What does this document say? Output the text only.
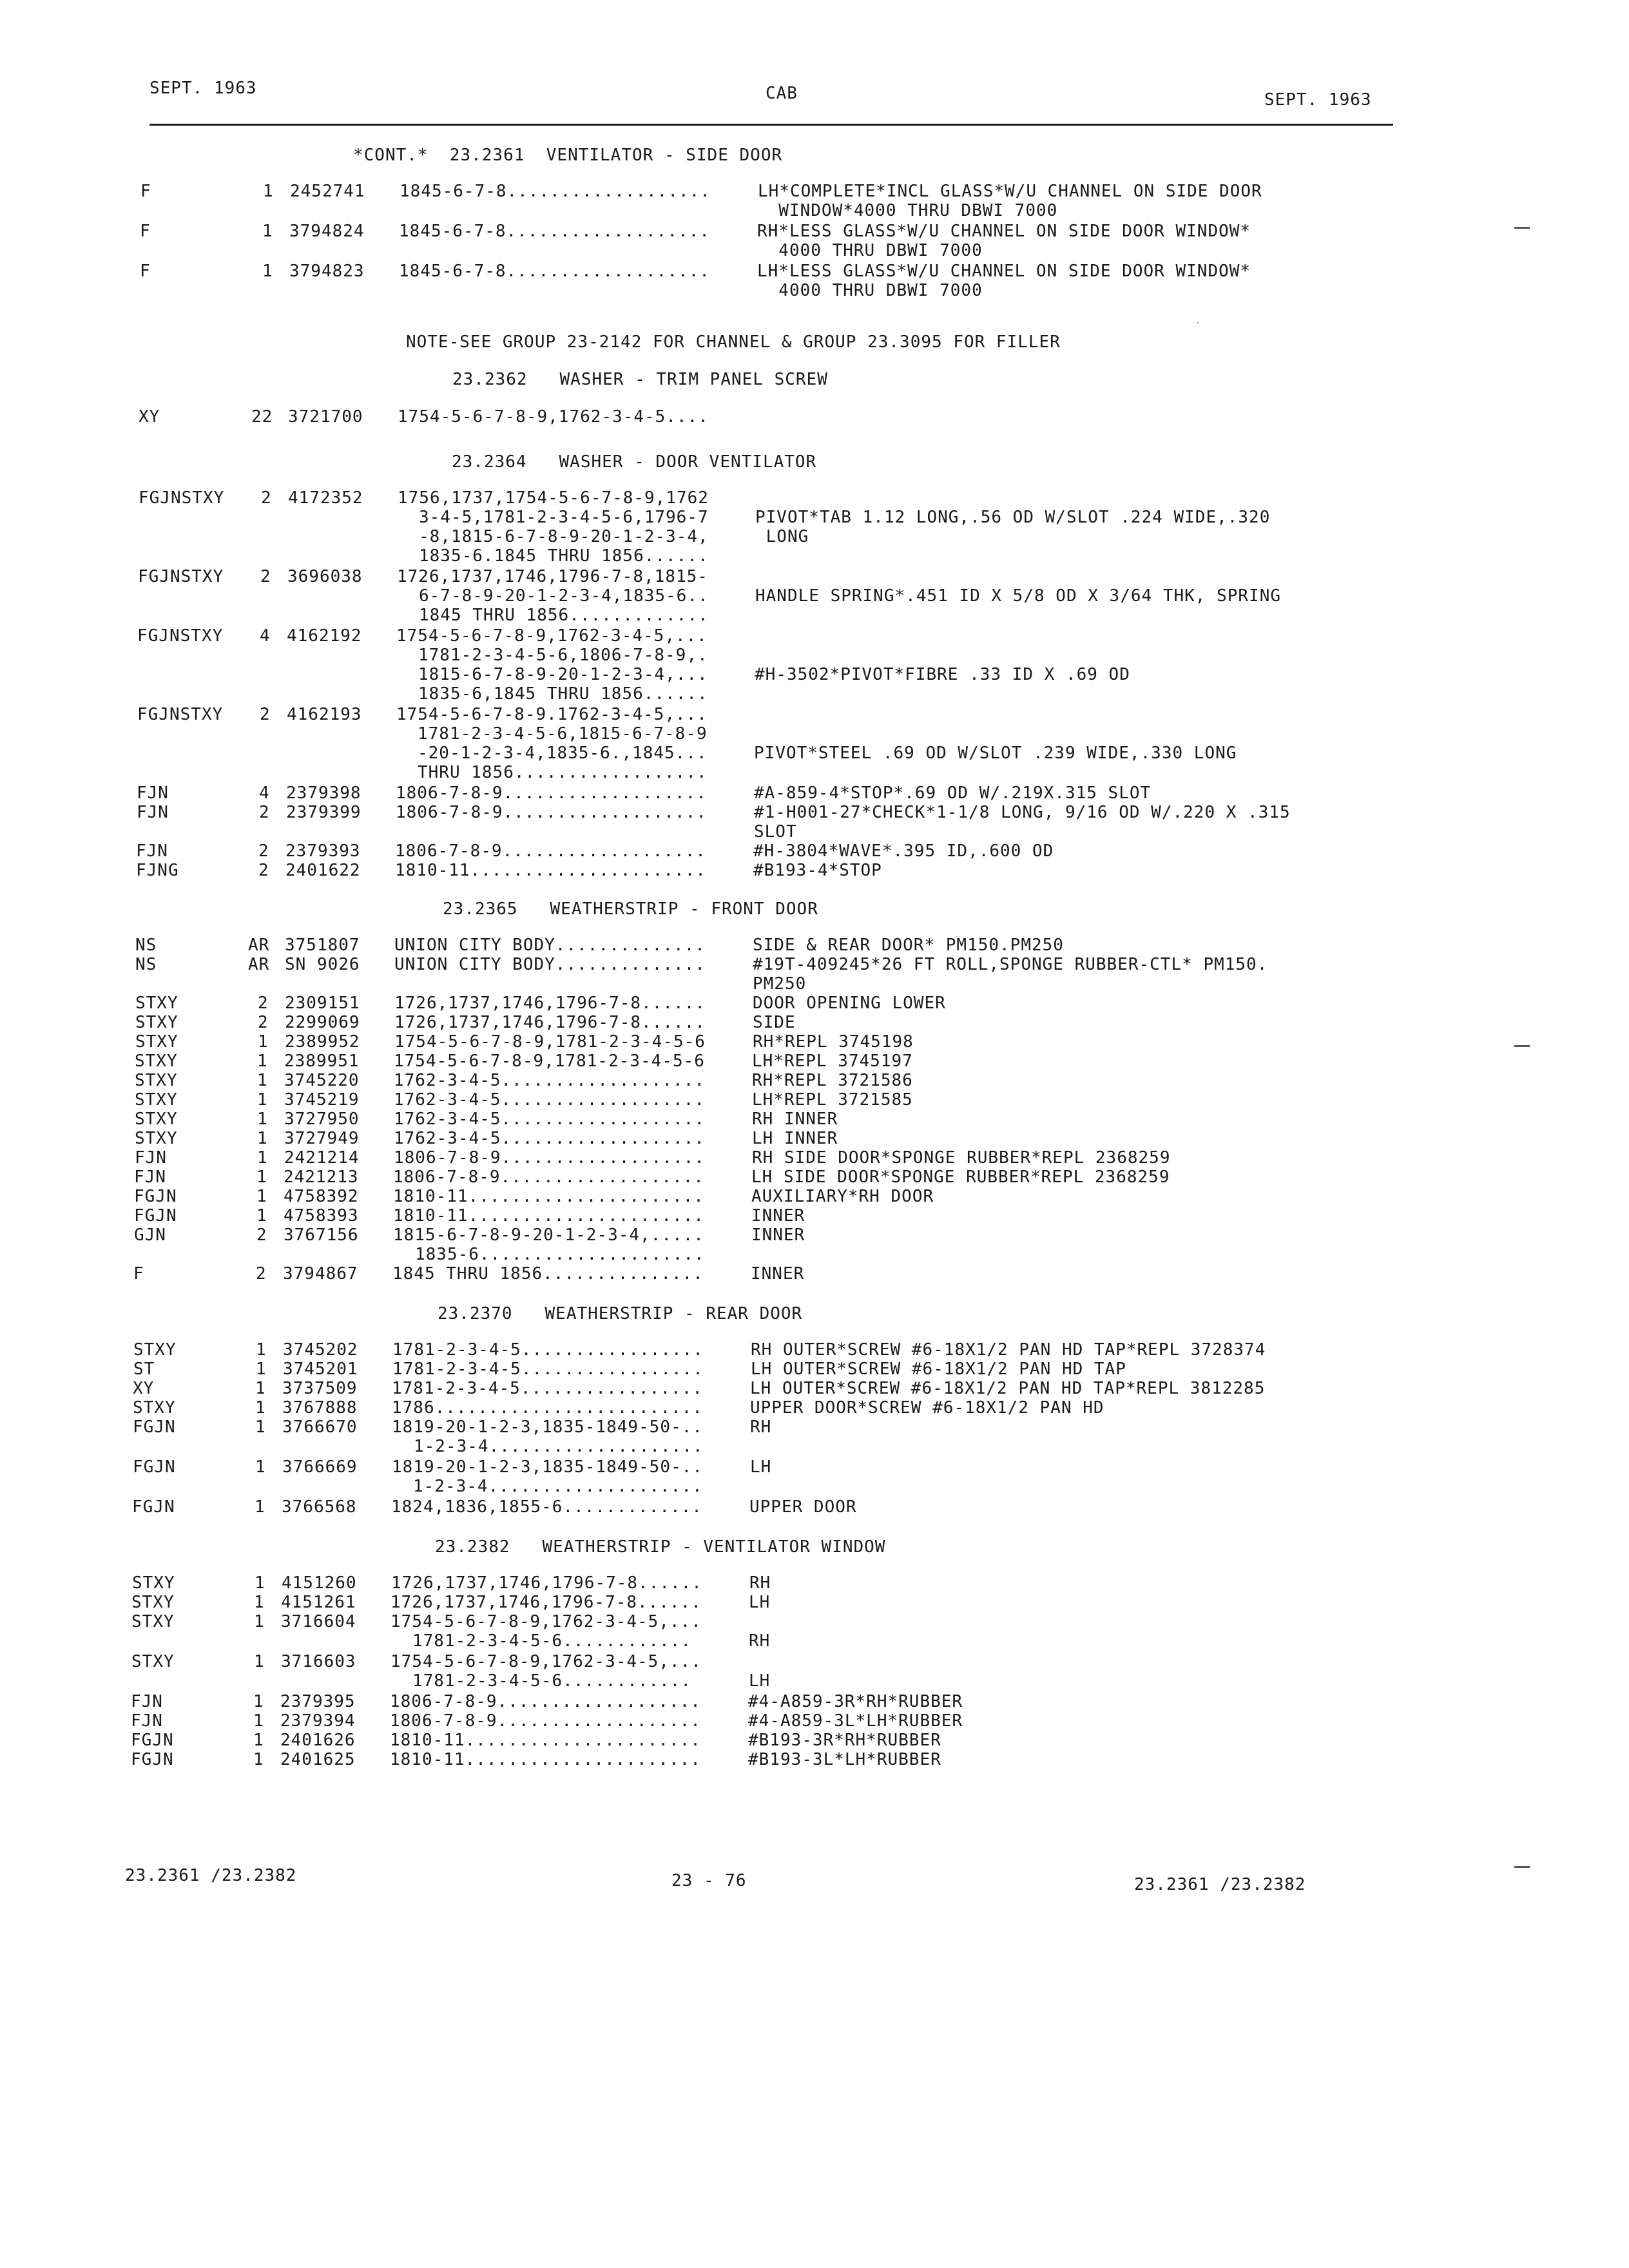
SEPT. 1963	CAB	SEPT. 1963
*CONT.*  23.2361  VENTILATOR - SIDE DOOR
F	1 2452741 1845-6-7-8...................	LH*COMPLETE*INCL GLASS*W/U CHANNEL ON SIDE DOOR
WINDOW*4000 THRU DBWI 7000
F	1 3794824 1845-6-7-8...................	RH*LESS GLASS*W/U CHANNEL ON SIDE DOOR WINDOW*
4000 THRU DBWI 7000
F	1 3794823 1845-6-7-8...................	LH*LESS GLASS*W/U CHANNEL ON SIDE DOOR WINDOW*
4000 THRU DBWI 7000
NOTE-SEE GROUP 23-2142 FOR CHANNEL & GROUP 23.3095 FOR FILLER
23.2362   WASHER - TRIM PANEL SCREW
XY	22 3721700 1754-5-6-7-8-9,1762-3-4-5....
23.2364   WASHER - DOOR VENTILATOR
FGJNSTXY 2 4172352 1756,1737,1754-5-6-7-8-9,1762
3-4-5,1781-2-3-4-5-6,1796-7	PIVOT*TAB 1.12 LONG,.56 OD W/SLOT .224 WIDE,.320
-8,1815-6-7-8-9-20-1-2-3-4,	LONG
1835-6.1845 THRU 1856......
FGJNSTXY 2 3696038 1726,1737,1746,1796-7-8,1815-
6-7-8-9-20-1-2-3-4,1835-6..	HANDLE SPRING*.451 ID X 5/8 OD X 3/64 THK, SPRING
1845 THRU 1856.............
FGJNSTXY 4 4162192 1754-5-6-7-8-9,1762-3-4-5,...
1781-2-3-4-5-6,1806-7-8-9,.
1815-6-7-8-9-20-1-2-3-4,...	#H-3502*PIVOT*FIBRE .33 ID X .69 OD
1835-6,1845 THRU 1856......
FGJNSTXY 2 4162193 1754-5-6-7-8-9.1762-3-4-5,...
1781-2-3-4-5-6,1815-6-7-8-9
-20-1-2-3-4,1835-6.,1845...	PIVOT*STEEL .69 OD W/SLOT .239 WIDE,.330 LONG
THRU 1856..................
FJN	4 2379398 1806-7-8-9...................	#A-859-4*STOP*.69 OD W/.219X.315 SLOT
FJN	2 2379399 1806-7-8-9...................	#1-H001-27*CHECK*1-1/8 LONG, 9/16 OD W/.220 X .315
SLOT
FJN	2 2379393 1806-7-8-9...................	#H-3804*WAVE*.395 ID,.600 OD
FJNG	2 2401622 1810-11......................	#B193-4*STOP
23.2365   WEATHERSTRIP - FRONT DOOR
NS	AR 3751807 UNION CITY BODY..............	SIDE & REAR DOOR* PM150.PM250
NS	AR SN 9026 UNION CITY BODY..............	#19T-409245*26 FT ROLL,SPONGE RUBBER-CTL* PM150.
PM250
STXY	2 2309151 1726,1737,1746,1796-7-8......	DOOR OPENING LOWER
STXY	2 2299069 1726,1737,1746,1796-7-8......	SIDE
STXY	1 2389952 1754-5-6-7-8-9,1781-2-3-4-5-6	RH*REPL 3745198
STXY	1 2389951 1754-5-6-7-8-9,1781-2-3-4-5-6	LH*REPL 3745197
STXY	1 3745220 1762-3-4-5...................	RH*REPL 3721586
STXY	1 3745219 1762-3-4-5...................	LH*REPL 3721585
STXY	1 3727950 1762-3-4-5...................	RH INNER
STXY	1 3727949 1762-3-4-5...................	LH INNER
FJN	1 2421214 1806-7-8-9...................	RH SIDE DOOR*SPONGE RUBBER*REPL 2368259
FJN	1 2421213 1806-7-8-9...................	LH SIDE DOOR*SPONGE RUBBER*REPL 2368259
FGJN	1 4758392 1810-11......................	AUXILIARY*RH DOOR
FGJN	1 4758393 1810-11......................	INNER
GJN	2 3767156 1815-6-7-8-9-20-1-2-3-4,.....	INNER
1835-6.....................
F	2 3794867 1845 THRU 1856...............	INNER
23.2370   WEATHERSTRIP - REAR DOOR
STXY	1 3745202 1781-2-3-4-5.................	RH OUTER*SCREW #6-18X1/2 PAN HD TAP*REPL 3728374
ST	1 3745201 1781-2-3-4-5.................	LH OUTER*SCREW #6-18X1/2 PAN HD TAP
XY	1 3737509 1781-2-3-4-5.................	LH OUTER*SCREW #6-18X1/2 PAN HD TAP*REPL 3812285
STXY	1 3767888 1786.........................	UPPER DOOR*SCREW #6-18X1/2 PAN HD
FGJN	1 3766670 1819-20-1-2-3,1835-1849-50-..	RH
1-2-3-4....................
FGJN	1 3766669 1819-20-1-2-3,1835-1849-50-..	LH
1-2-3-4....................
FGJN	1 3766568 1824,1836,1855-6.............	UPPER DOOR
23.2382   WEATHERSTRIP - VENTILATOR WINDOW
STXY	1 4151260 1726,1737,1746,1796-7-8......	RH
STXY	1 4151261 1726,1737,1746,1796-7-8......	LH
STXY	1 3716604 1754-5-6-7-8-9,1762-3-4-5,...
1781-2-3-4-5-6............	RH
STXY	1 3716603 1754-5-6-7-8-9,1762-3-4-5,...
1781-2-3-4-5-6............	LH
FJN	1 2379395 1806-7-8-9...................	#4-A859-3R*RH*RUBBER
FJN	1 2379394 1806-7-8-9...................	#4-A859-3L*LH*RUBBER
FGJN	1 2401626 1810-11......................	#B193-3R*RH*RUBBER
FGJN	1 2401625 1810-11......................	#B193-3L*LH*RUBBER
23.2361 /23.2382	23 - 76	23.2361 /23.2382
